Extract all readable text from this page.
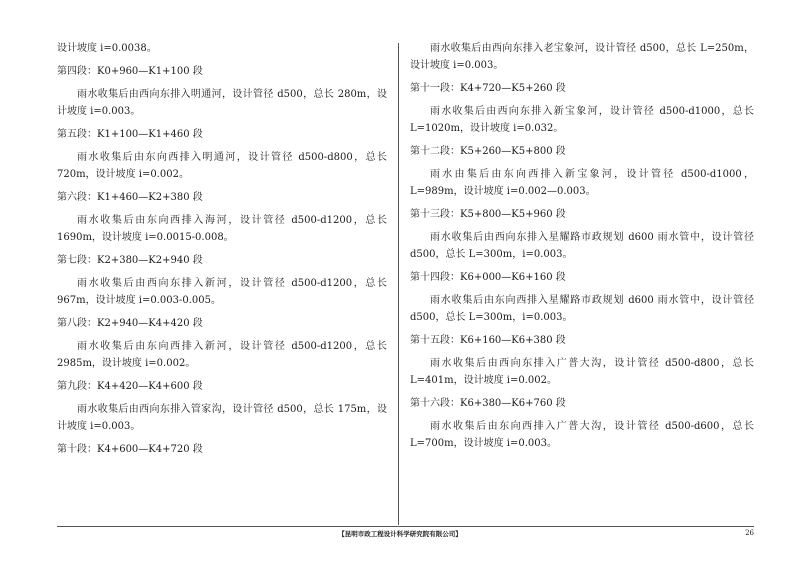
设计坡度 i=0.0038。

第四段：K0+960—K1+100 段

雨水收集后由西向东排入明通河，设计管径 d500，总长 280m，设计坡度 i=0.003。

第五段：K1+100—K1+460 段

雨水收集后由东向西排入明通河，设计管径 d500-d800，总长 720m，设计坡度 i=0.002。

第六段：K1+460—K2+380 段

雨水收集后由东向西排入海河，设计管径 d500-d1200，总长 1690m，设计坡度 i=0.0015-0.008。

第七段：K2+380—K2+940 段

雨水收集后由西向东排入新河，设计管径 d500-d1200，总长 967m，设计坡度 i=0.003-0.005。

第八段：K2+940—K4+420 段

雨水收集后由东向西排入新河，设计管径 d500-d1200，总长 2985m，设计坡度 i=0.002。

第九段：K4+420—K4+600 段

雨水收集后由西向东排入管家沟，设计管径 d500，总长 175m，设计坡度 i=0.003。

第十段：K4+600—K4+720 段

雨水收集后由西向东排入老宝象河，设计管径 d500，总长 L=250m，设计坡度 i=0.003。

第十一段：K4+720—K5+260 段

雨水收集后由西向东排入新宝象河，设计管径 d500-d1000，总长 L=1020m，设计坡度 i=0.032。

第十二段：K5+260—K5+800 段

雨水由集后由东向西排入新宝象河，设计管径 d500-d1000，L=989m，设计坡度 i=0.002—0.003。

第十三段：K5+800—K5+960 段

雨水收集后由西向东排入星耀路市政规划 d600 雨水管中，设计管径 d500，总长 L=300m，i=0.003。

第十四段：K6+000—K6+160 段

雨水收集后由东向西排入星耀路市政规划 d600 雨水管中，设计管径 d500，总长 L=300m，i=0.003。

第十五段：K6+160—K6+380 段

雨水收集后由西向东排入广普大沟，设计管径 d500-d800，总长 L=401m，设计坡度 i=0.002。

第十六段：K6+380—K6+760 段

雨水收集后由东向西排入广普大沟，设计管径 d500-d600，总长 L=700m，设计坡度 i=0.003。

【昆明市政工程设计科学研究院有限公司】	26
